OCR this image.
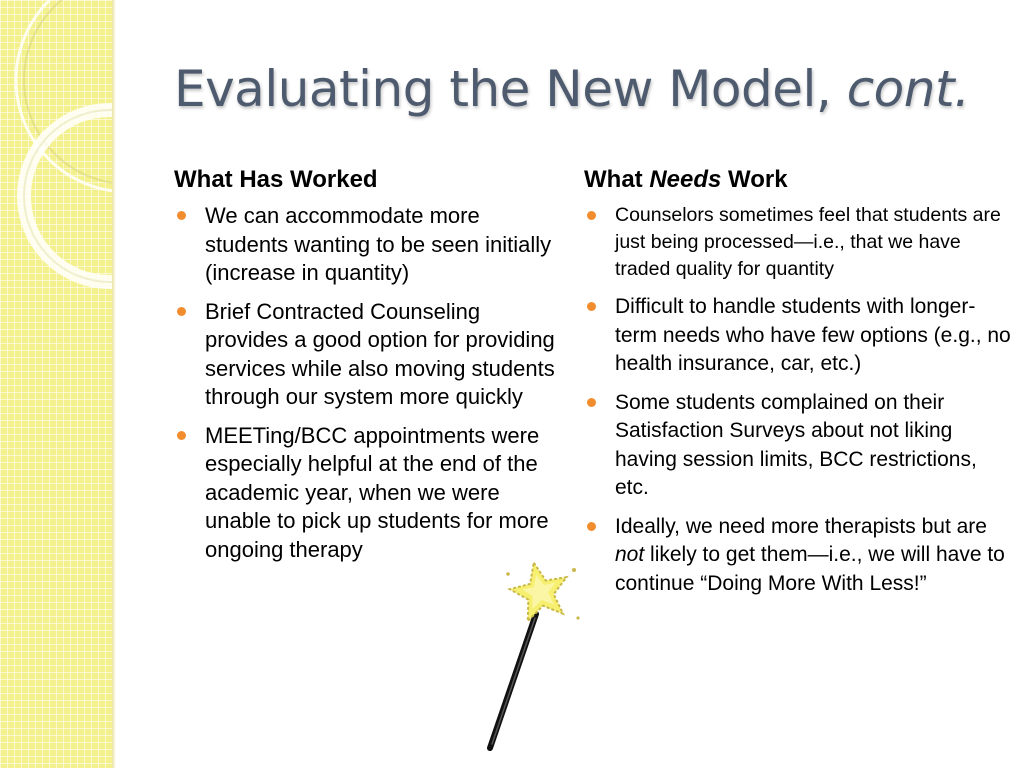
Evaluating the New Model, cont.
What Has Worked
We can accommodate more students wanting to be seen initially (increase in quantity)
Brief Contracted Counseling provides a good option for providing services while also moving students through our system more quickly
MEETing/BCC appointments were especially helpful at the end of the academic year, when we were unable to pick up students for more ongoing therapy
What Needs Work
Counselors sometimes feel that students are just being processed—i.e., that we have traded quality for quantity
Difficult to handle students with longer-term needs who have few options (e.g., no health insurance, car, etc.)
Some students complained on their Satisfaction Surveys about not liking having session limits, BCC restrictions, etc.
Ideally, we need more therapists but are not likely to get them—i.e., we will have to continue “Doing More With Less!”
